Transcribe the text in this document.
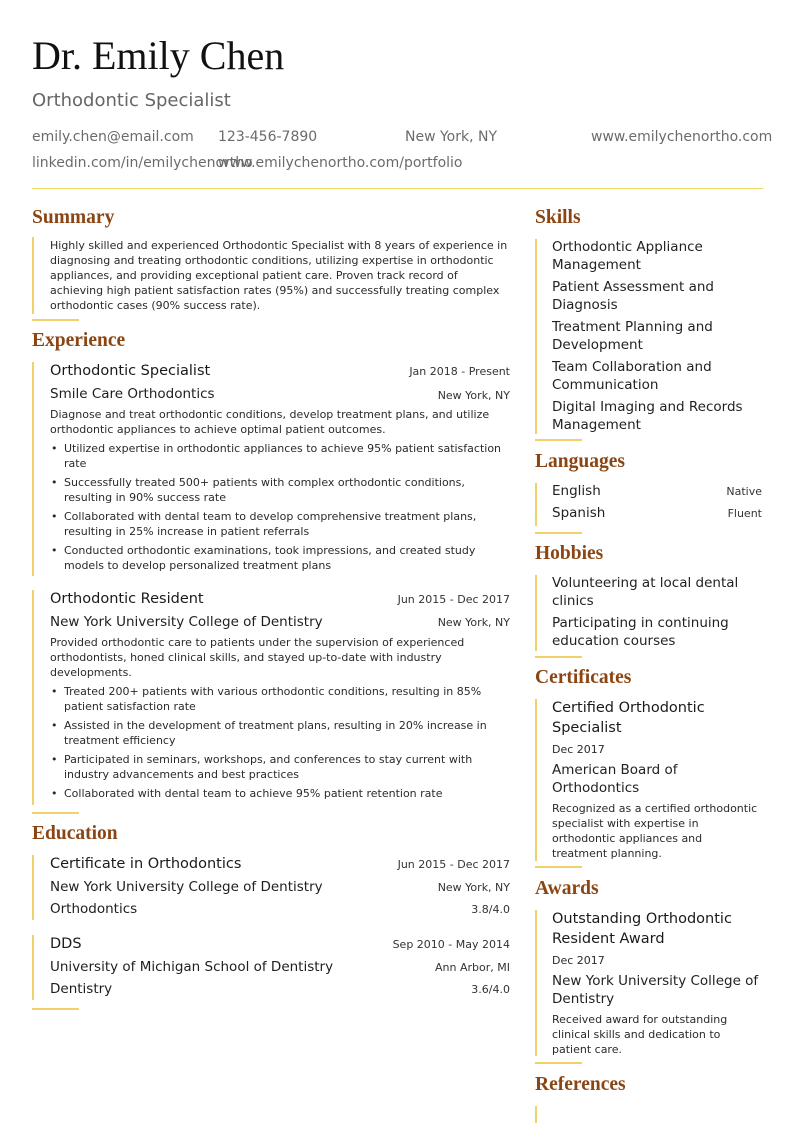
Dr. Emily Chen
Orthodontic Specialist
emily.chen@email.com 123-456-7890	New York, NY	www.emilychenortho.com
linkedin.com/in/emilychenortho
www.emilychenortho.com/portfolio
Summary
Highly skilled and experienced Orthodontic Specialist with 8 years of experience in diagnosing and treating orthodontic conditions, utilizing expertise in orthodontic appliances, and providing exceptional patient care. Proven track record of achieving high patient satisfaction rates (95%) and successfully treating complex orthodontic cases (90% success rate).
Experience
Orthodontic Specialist	Jan 2018 - Present
Smile Care Orthodontics	New York, NY
Diagnose and treat orthodontic conditions, develop treatment plans, and utilize orthodontic appliances to achieve optimal patient outcomes.
• Utilized expertise in orthodontic appliances to achieve 95% patient satisfaction rate
• Successfully treated 500+ patients with complex orthodontic conditions, resulting in 90% success rate
• Collaborated with dental team to develop comprehensive treatment plans, resulting in 25% increase in patient referrals
• Conducted orthodontic examinations, took impressions, and created study models to develop personalized treatment plans
Orthodontic Resident	Jun 2015 - Dec 2017
New York University College of Dentistry	New York, NY
Provided orthodontic care to patients under the supervision of experienced orthodontists, honed clinical skills, and stayed up-to-date with industry developments.
• Treated 200+ patients with various orthodontic conditions, resulting in 85% patient satisfaction rate
• Assisted in the development of treatment plans, resulting in 20% increase in treatment efficiency
• Participated in seminars, workshops, and conferences to stay current with industry advancements and best practices
• Collaborated with dental team to achieve 95% patient retention rate
Education
Certificate in Orthodontics	Jun 2015 - Dec 2017
New York University College of Dentistry	New York, NY
Orthodontics	3.8/4.0
DDS	Sep 2010 - May 2014
University of Michigan School of Dentistry	Ann Arbor, MI
Dentistry	3.6/4.0
Skills
Orthodontic Appliance Management
Patient Assessment and Diagnosis
Treatment Planning and Development
Team Collaboration and Communication
Digital Imaging and Records Management
Languages
English	Native
Spanish	Fluent
Hobbies
Volunteering at local dental clinics
Participating in continuing education courses
Certificates
Certified Orthodontic Specialist
Dec 2017
American Board of Orthodontics
Recognized as a certified orthodontic specialist with expertise in orthodontic appliances and treatment planning.
Awards
Outstanding Orthodontic Resident Award
Dec 2017
New York University College of Dentistry
Received award for outstanding clinical skills and dedication to patient care.
References
